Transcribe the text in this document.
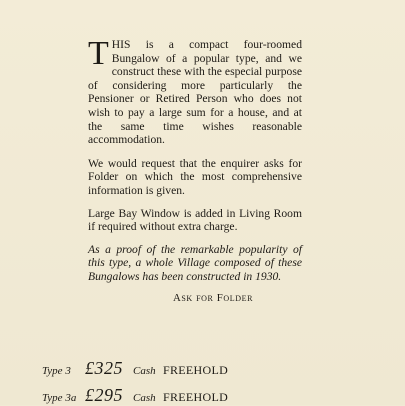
THIS is a compact four-roomed Bungalow of a popular type, and we construct these with the especial purpose of considering more particularly the Pensioner or Retired Person who does not wish to pay a large sum for a house, and at the same time wishes reasonable accommodation.

We would request that the enquirer asks for Folder on which the most comprehensive information is given.

Large Bay Window is added in Living Room if required without extra charge.

As a proof of the remarkable popularity of this type, a whole Village composed of these Bungalows has been constructed in 1930.

Ask for Folder

Type 3 £325 Cash FREEHOLD
Type 3a £295 Cash FREEHOLD
